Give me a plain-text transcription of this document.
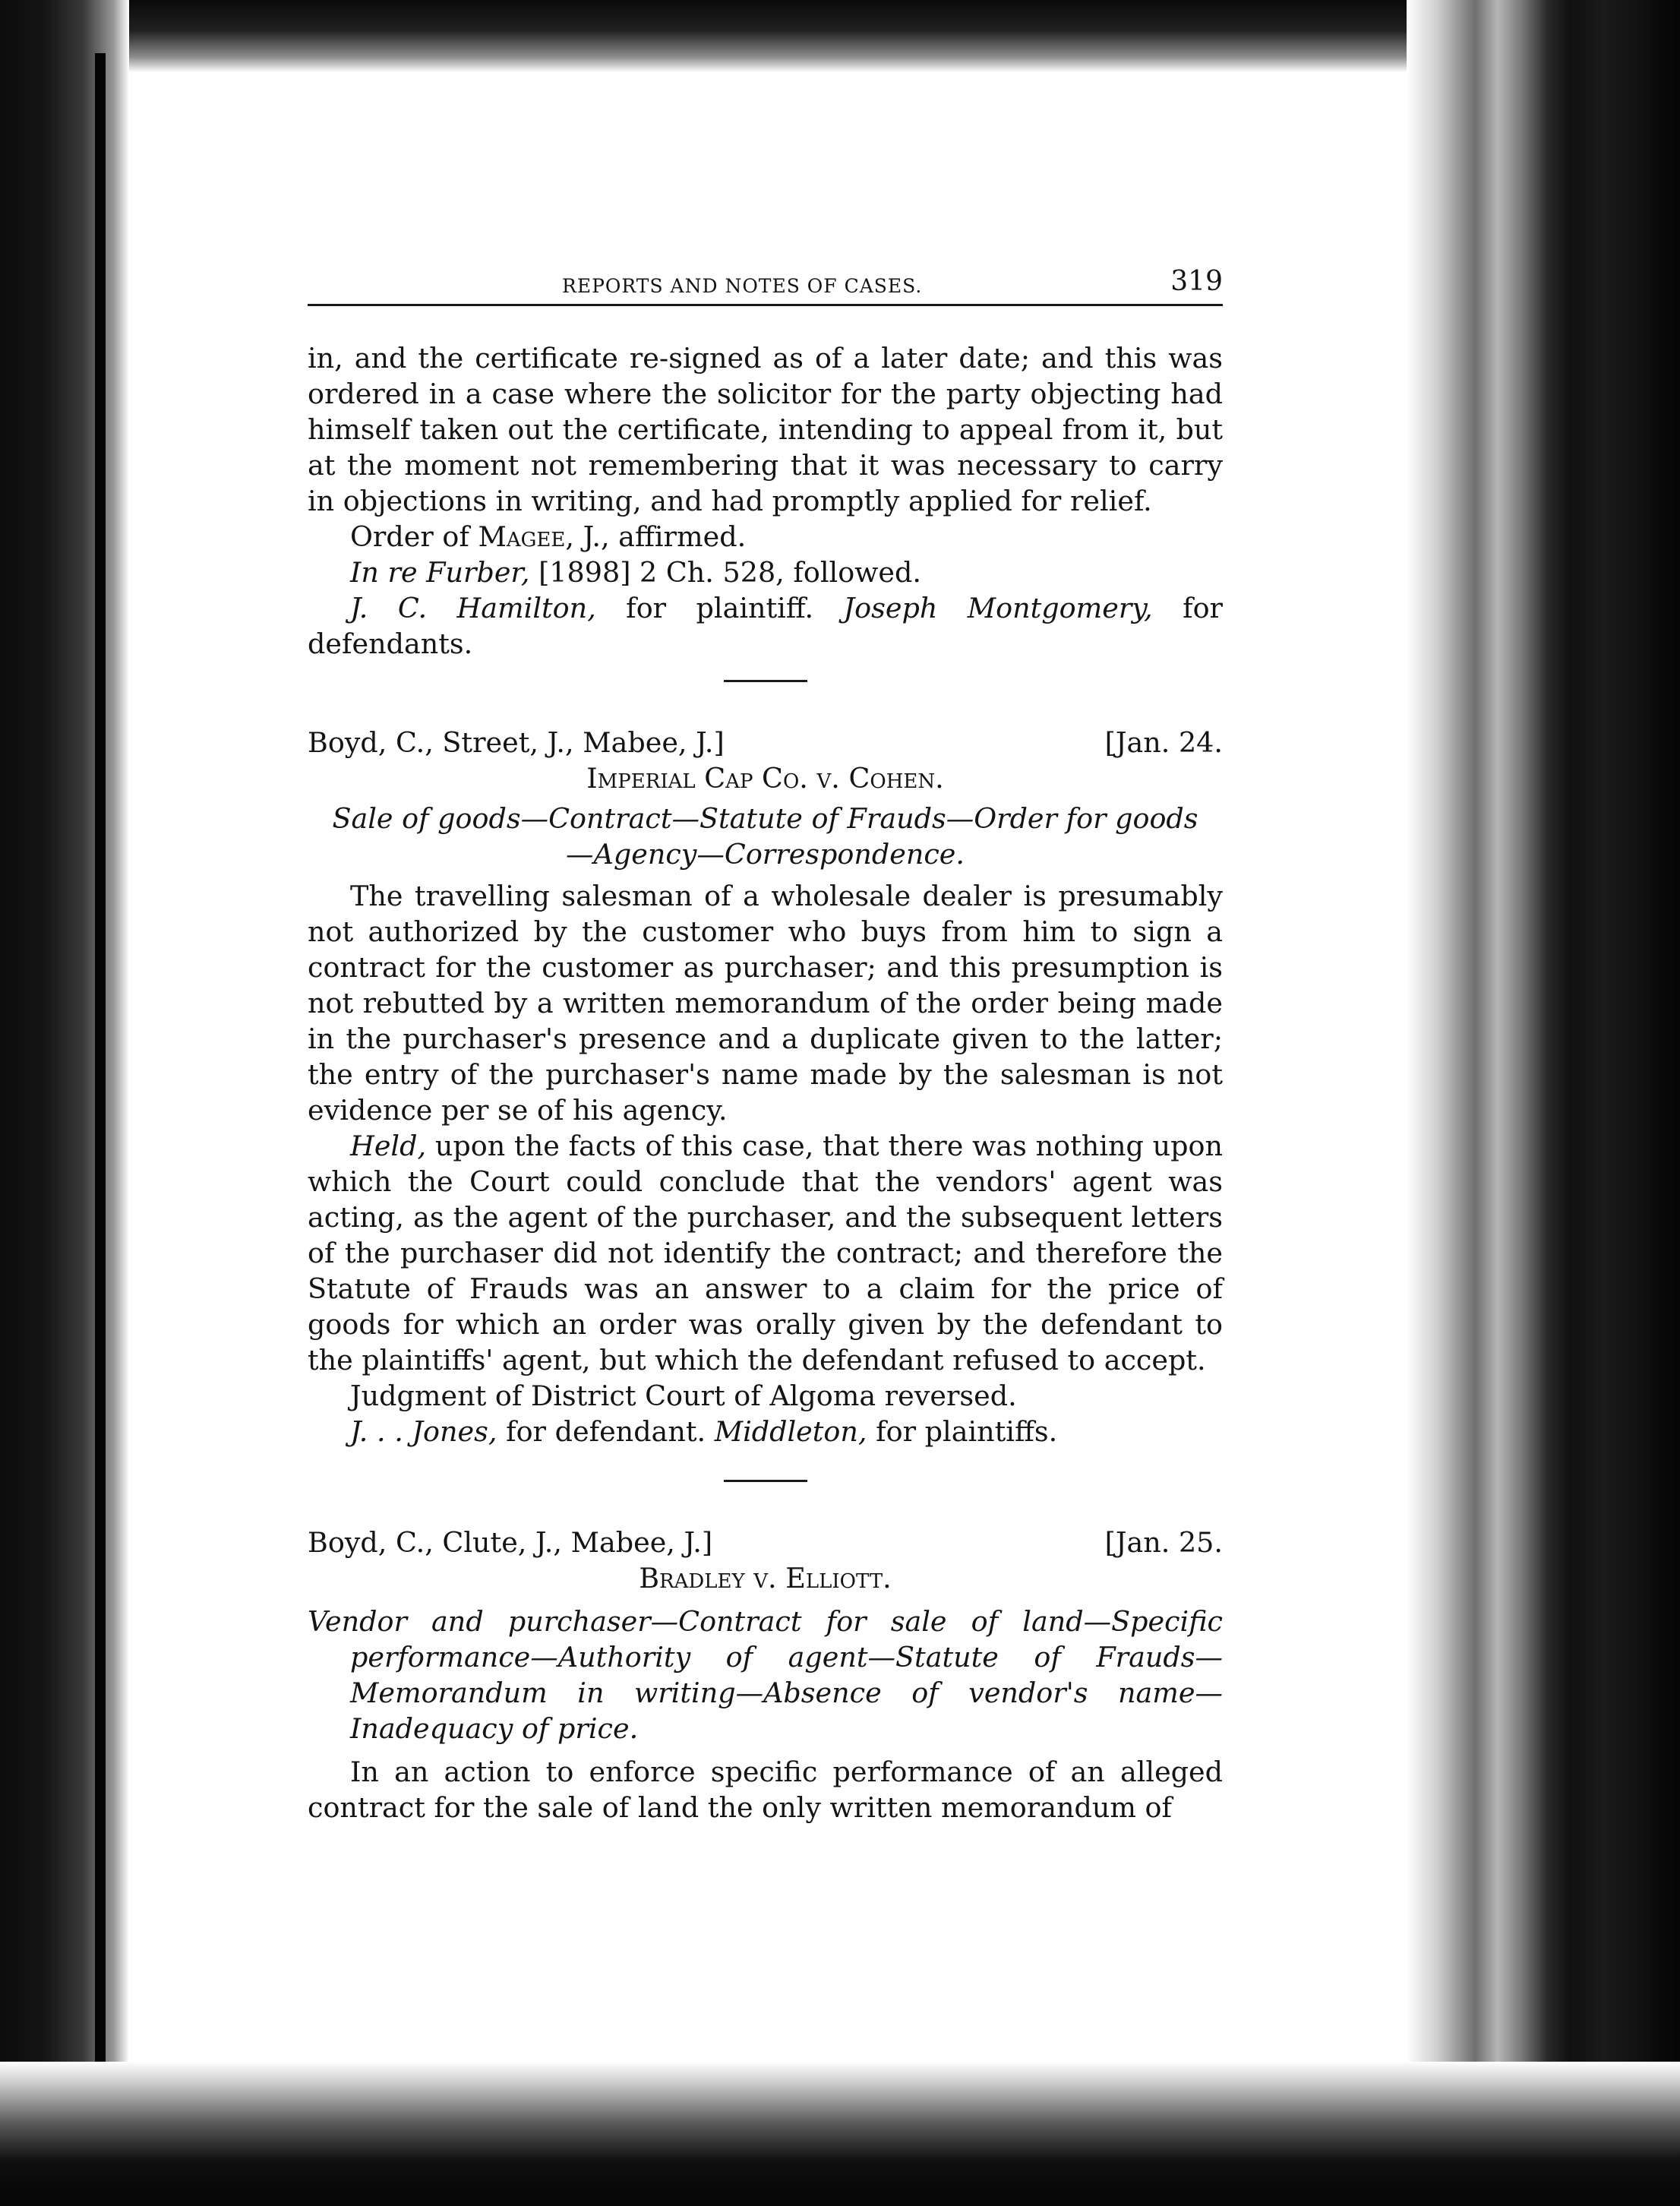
REPORTS AND NOTES OF CASES.	319

in, and the certificate re-signed as of a later date; and this was ordered in a case where the solicitor for the party objecting had himself taken out the certificate, intending to appeal from it, but at the moment not remembering that it was necessary to carry in objections in writing, and had promptly applied for relief.

Order of Magee, J., affirmed.

In re Furber, [1898] 2 Ch. 528, followed.

J. C. Hamilton, for plaintiff. Joseph Montgomery, for defendants.

Boyd, C., Street, J., Mabee, J.]	[Jan. 24.
Imperial Cap Co. v. Cohen.
Sale of goods—Contract—Statute of Frauds—Order for goods
—Agency—Correspondence.

The travelling salesman of a wholesale dealer is presumably not authorized by the customer who buys from him to sign a contract for the customer as purchaser; and this presumption is not rebutted by a written memorandum of the order being made in the purchaser's presence and a duplicate given to the latter; the entry of the purchaser's name made by the salesman is not evidence per se of his agency.

Held, upon the facts of this case, that there was nothing upon which the Court could conclude that the vendors' agent was acting, as the agent of the purchaser, and the subsequent letters of the purchaser did not identify the contract; and therefore the Statute of Frauds was an answer to a claim for the price of goods for which an order was orally given by the defendant to the plaintiffs' agent, but which the defendant refused to accept.

Judgment of District Court of Algoma reversed.

J. . . Jones, for defendant. Middleton, for plaintiffs.

Boyd, C., Clute, J., Mabee, J.]	[Jan. 25.
Bradley v. Elliott.

Vendor and purchaser—Contract for sale of land—Specific performance—Authority of agent—Statute of Frauds—Memorandum in writing—Absence of vendor's name—Inadequacy of price.

In an action to enforce specific performance of an alleged contract for the sale of land the only written memorandum of
